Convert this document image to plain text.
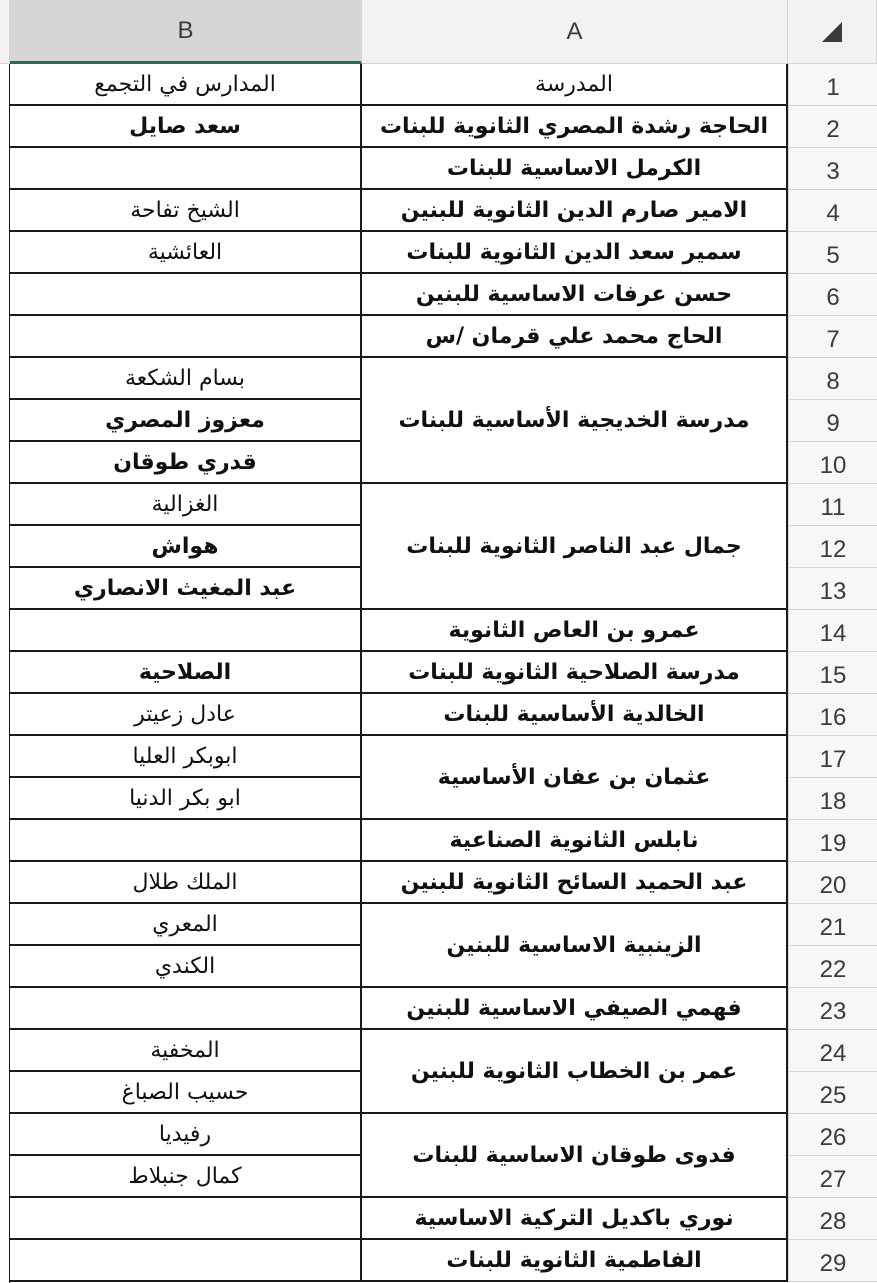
B	A
1
2
3
4
5
6
7
8
9
10
11
12
13
14
15
16
17
18
19
20
21
22
23
24
25
26
27
28
29
المدرسة
المدارس في التجمع
الحاجة رشدة المصري الثانوية للبنات
الكرمل الاساسية للبنات
الامير صارم الدين الثانوية للبنين
سمير سعد الدين الثانوية للبنات
حسن عرفات الاساسية للبنين
الحاج محمد علي قرمان /س
مدرسة الخديجية الأساسية للبنات
جمال عبد الناصر الثانوية للبنات
عمرو بن العاص الثانوية
مدرسة الصلاحية الثانوية للبنات
الخالدية الأساسية للبنات
عثمان بن عفان الأساسية
نابلس الثانوية الصناعية
عبد الحميد السائح الثانوية للبنين
الزينبية الاساسية للبنين
فهمي الصيفي الاساسية للبنين
عمر بن الخطاب الثانوية للبنين
فدوى طوقان الاساسية للبنات
نوري باكديل التركية الاساسية
الفاطمية الثانوية للبنات
سعد صايل
الشيخ تفاحة
العائشية
بسام الشكعة
معزوز المصري
قدري طوقان
الغزالية
هواش
عبد المغيث الانصاري
الصلاحية
عادل زعيتر
ابوبكر العليا
ابو بكر الدنيا
الملك طلال
المعري
الكندي
المخفية
حسيب الصباغ
رفيديا
كمال جنبلاط
